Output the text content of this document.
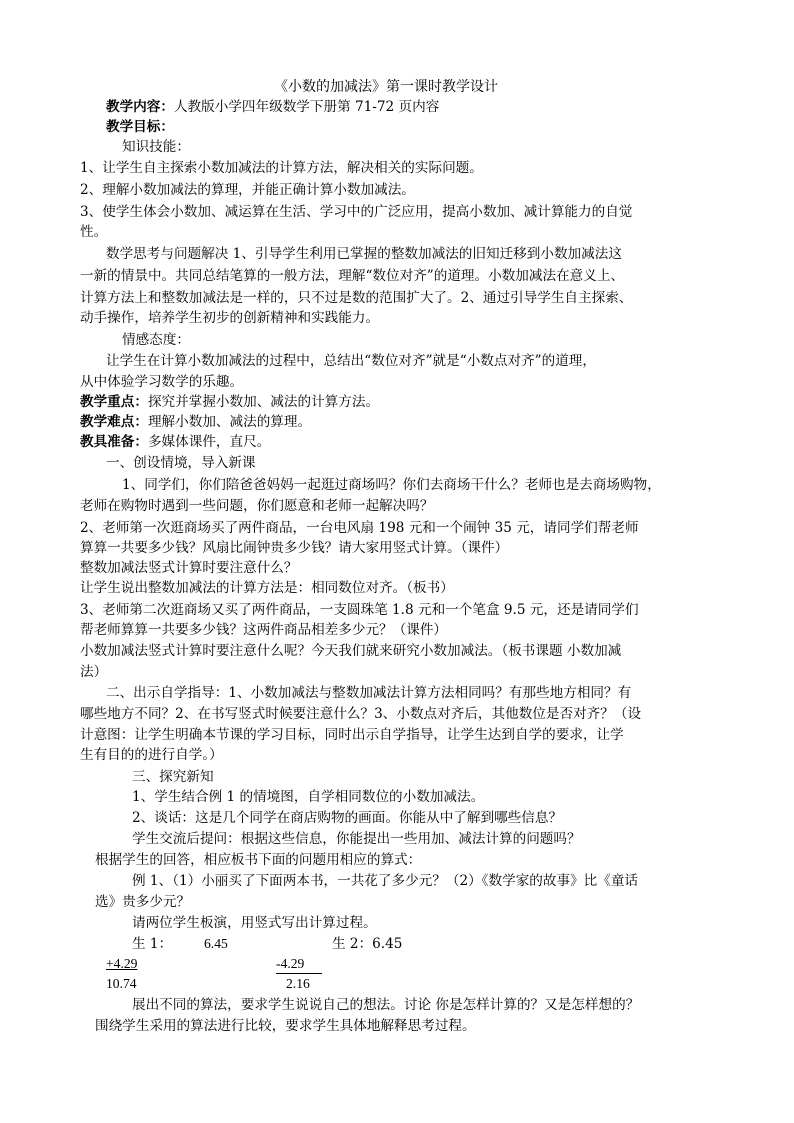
《小数的加减法》第一课时教学设计
教学内容：人教版小学四年级数学下册第 71-72 页内容
教学目标：
知识技能：
1、让学生自主探索小数加减法的计算方法，解决相关的实际问题。
2、理解小数加减法的算理，并能正确计算小数加减法。
3、使学生体会小数加、减运算在生活、学习中的广泛应用，提高小数加、减计算能力的自觉
性。
数学思考与问题解决 1、引导学生利用已掌握的整数加减法的旧知迁移到小数加减法这
一新的情景中。共同总结笔算的一般方法，理解“数位对齐”的道理。小数加减法在意义上、
计算方法上和整数加减法是一样的，只不过是数的范围扩大了。2、通过引导学生自主探索、
动手操作，培养学生初步的创新精神和实践能力。
情感态度：
让学生在计算小数加减法的过程中，总结出“数位对齐”就是“小数点对齐”的道理，
从中体验学习数学的乐趣。
教学重点：探究并掌握小数加、减法的计算方法。
教学难点：理解小数加、减法的算理。
教具准备：多媒体课件，直尺。
一、创设情境，导入新课
1、同学们，你们陪爸爸妈妈一起逛过商场吗？你们去商场干什么？老师也是去商场购物，
老师在购物时遇到一些问题，你们愿意和老师一起解决吗？
2、老师第一次逛商场买了两件商品，一台电风扇 198 元和一个闹钟 35 元，请同学们帮老师
算算一共要多少钱？风扇比闹钟贵多少钱？请大家用竖式计算。（课件）
整数加减法竖式计算时要注意什么？
让学生说出整数加减法的计算方法是：相同数位对齐。（板书）
3、老师第二次逛商场又买了两件商品，一支圆珠笔 1.8 元和一个笔盒 9.5 元，还是请同学们
帮老师算算一共要多少钱？这两件商品相差多少元？（课件）
小数加减法竖式计算时要注意什么呢？今天我们就来研究小数加减法。（板书课题 小数加减
法）
二、出示自学指导：1、小数加减法与整数加减法计算方法相同吗？有那些地方相同？有
哪些地方不同？2、在书写竖式时候要注意什么？3、小数点对齐后，其他数位是否对齐？（设
计意图：让学生明确本节课的学习目标，同时出示自学指导，让学生达到自学的要求，让学
生有目的的进行自学。）
三、探究新知
1、学生结合例 1 的情境图，自学相同数位的小数加减法。
2、谈话：这是几个同学在商店购物的画面。你能从中了解到哪些信息？
学生交流后提问：根据这些信息，你能提出一些用加、减法计算的问题吗？
根据学生的回答，相应板书下面的问题用相应的算式：
例 1、（1）小丽买了下面两本书，一共花了多少元？（2）《数学家的故事》比《童话
选》贵多少元？
请两位学生板演，用竖式写出计算过程。
生 1： 6.45	生 2：6.45
+4.29	-4.29
10.74	2.16
展出不同的算法，要求学生说说自己的想法。讨论 你是怎样计算的？又是怎样想的？
围绕学生采用的算法进行比较，要求学生具体地解释思考过程。
